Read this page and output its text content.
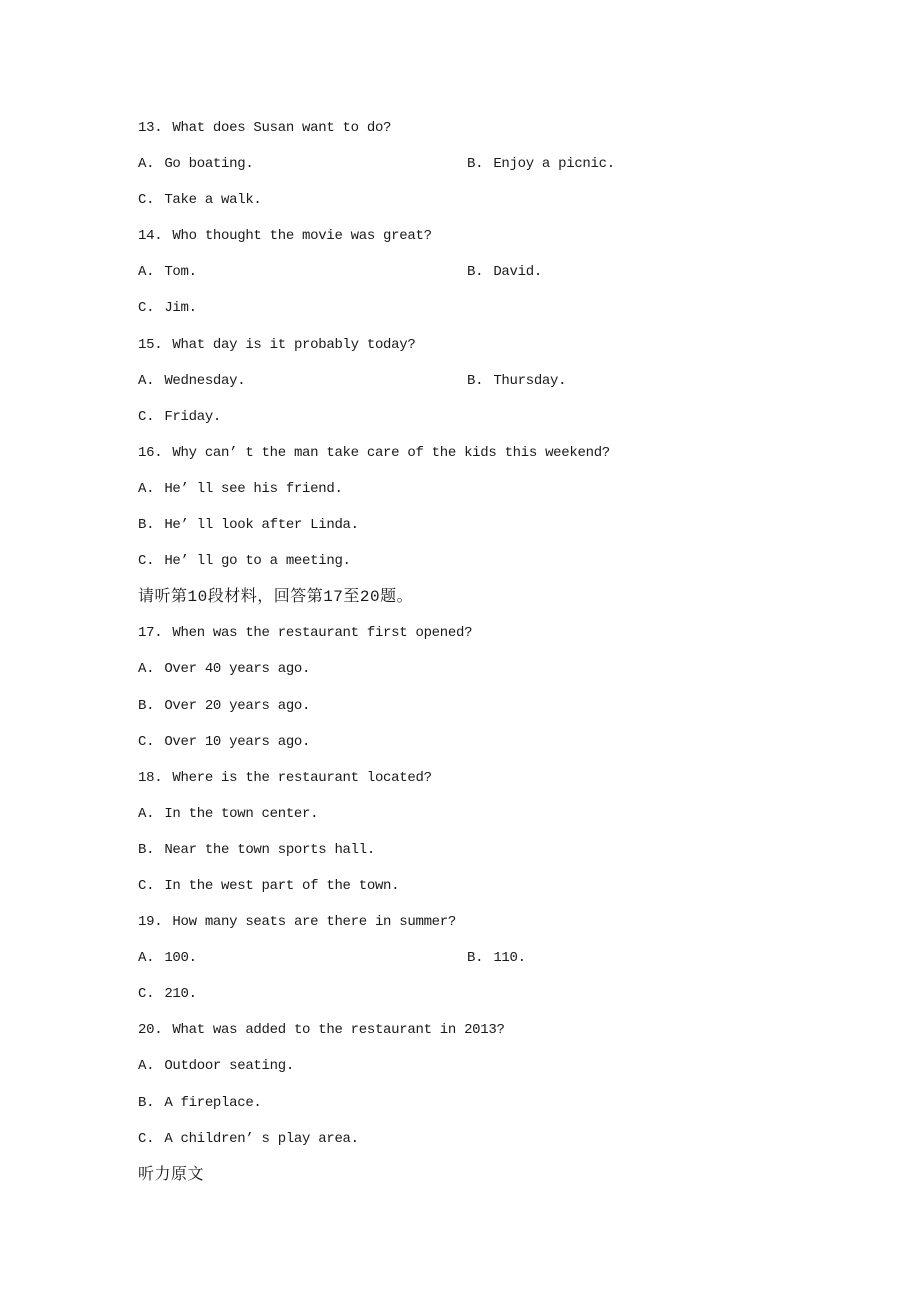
13. What does Susan want to do?
A. Go boating.	B. Enjoy a picnic.
C. Take a walk.
14. Who thought the movie was great?
A. Tom.	B. David.
C. Jim.
15. What day is it probably today?
A. Wednesday.	B. Thursday.
C. Friday.
16. Why can’ t the man take care of the kids this weekend?
A. He’ ll see his friend.
B. He’ ll look after Linda.
C. He’ ll go to a meeting.
请听第10段材料，回答第17至20题。
17. When was the restaurant first opened?
A. Over 40 years ago.
B. Over 20 years ago.
C. Over 10 years ago.
18. Where is the restaurant located?
A. In the town center.
B. Near the town sports hall.
C. In the west part of the town.
19. How many seats are there in summer?
A. 100.	B. 110.
C. 210.
20. What was added to the restaurant in 2013?
A. Outdoor seating.
B. A fireplace.
C. A children’ s play area.
听力原文
